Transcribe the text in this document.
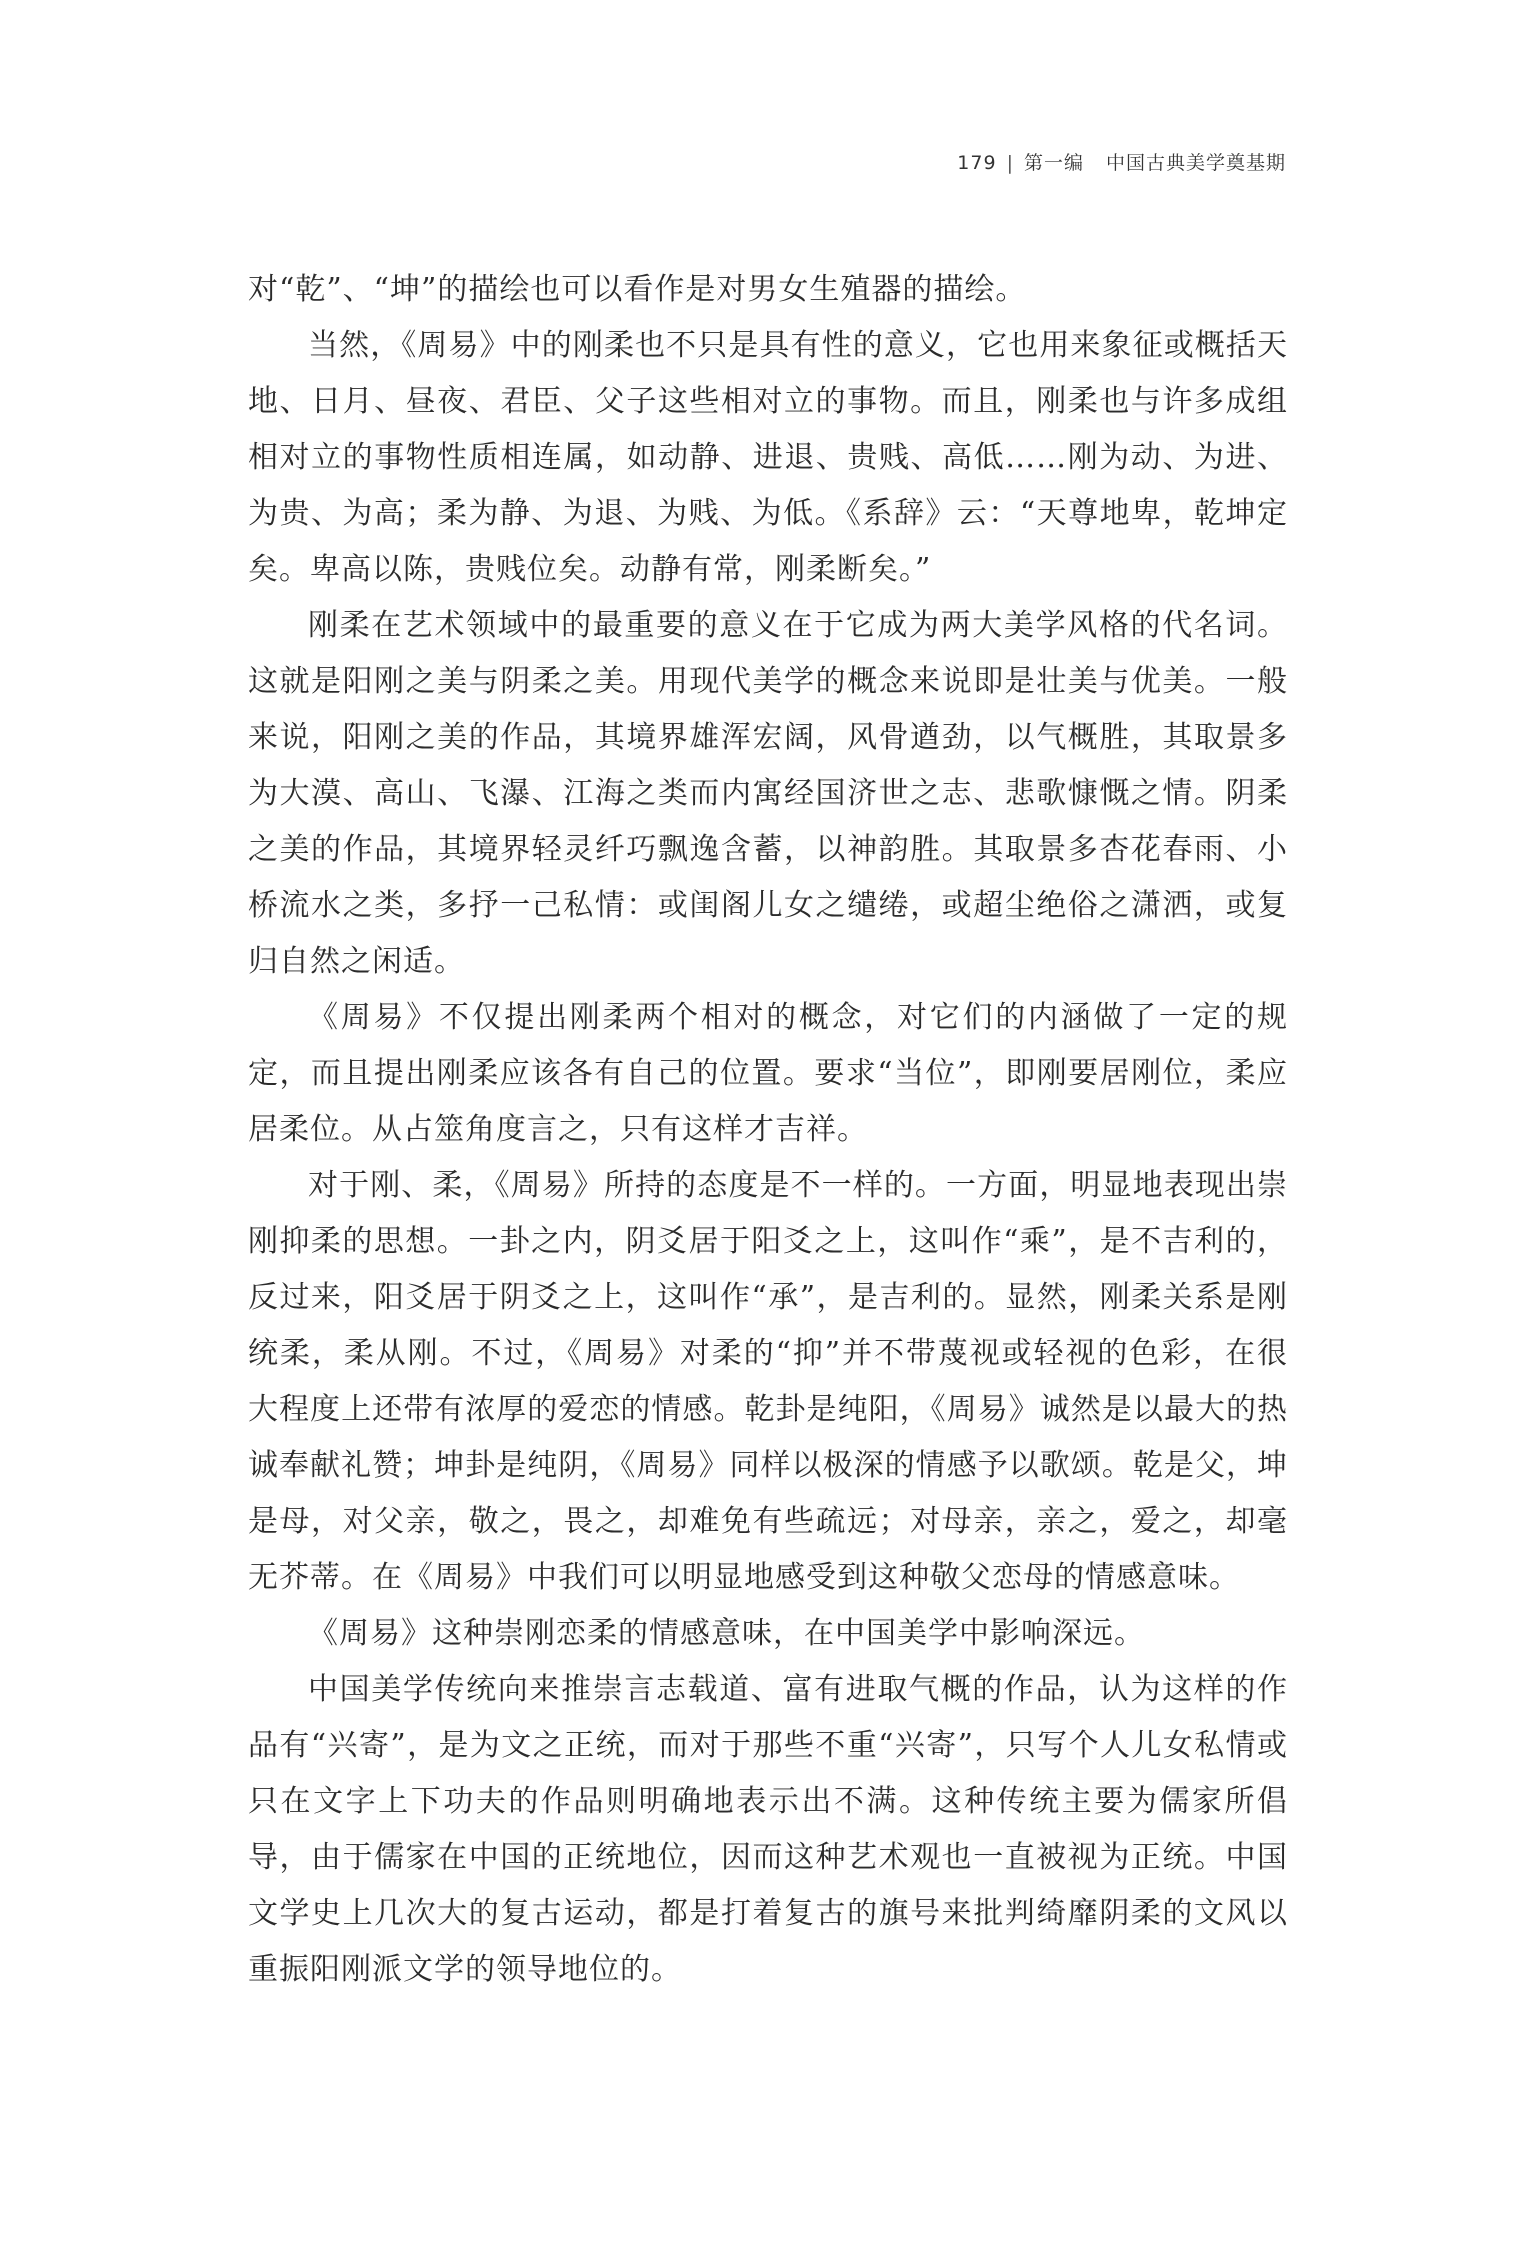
179 | 第一编 中国古典美学奠基期

对“乾”、“坤”的描绘也可以看作是对男女生殖器的描绘。

当然，《周易》中的刚柔也不只是具有性的意义，它也用来象征或概括天地、日月、昼夜、君臣、父子这些相对立的事物。而且，刚柔也与许多成组相对立的事物性质相连属，如动静、进退、贵贱、高低……刚为动、为进、为贵、为高；柔为静、为退、为贱、为低。《系辞》云：“天尊地卑，乾坤定矣。卑高以陈，贵贱位矣。动静有常，刚柔断矣。”

刚柔在艺术领域中的最重要的意义在于它成为两大美学风格的代名词。这就是阳刚之美与阴柔之美。用现代美学的概念来说即是壮美与优美。一般来说，阳刚之美的作品，其境界雄浑宏阔，风骨遒劲，以气概胜，其取景多为大漠、高山、飞瀑、江海之类而内寓经国济世之志、悲歌慷慨之情。阴柔之美的作品，其境界轻灵纤巧飘逸含蓄，以神韵胜。其取景多杏花春雨、小桥流水之类，多抒一己私情：或闺阁儿女之缱绻，或超尘绝俗之潇洒，或复归自然之闲适。

《周易》不仅提出刚柔两个相对的概念，对它们的内涵做了一定的规定，而且提出刚柔应该各有自己的位置。要求“当位”，即刚要居刚位，柔应居柔位。从占筮角度言之，只有这样才吉祥。

对于刚、柔，《周易》所持的态度是不一样的。一方面，明显地表现出崇刚抑柔的思想。一卦之内，阴爻居于阳爻之上，这叫作“乘”，是不吉利的，反过来，阳爻居于阴爻之上，这叫作“承”，是吉利的。显然，刚柔关系是刚统柔，柔从刚。不过，《周易》对柔的“抑”并不带蔑视或轻视的色彩，在很大程度上还带有浓厚的爱恋的情感。乾卦是纯阳，《周易》诚然是以最大的热诚奉献礼赞；坤卦是纯阴，《周易》同样以极深的情感予以歌颂。乾是父，坤是母，对父亲，敬之，畏之，却难免有些疏远；对母亲，亲之，爱之，却毫无芥蒂。在《周易》中我们可以明显地感受到这种敬父恋母的情感意味。

《周易》这种崇刚恋柔的情感意味，在中国美学中影响深远。

中国美学传统向来推崇言志载道、富有进取气概的作品，认为这样的作品有“兴寄”，是为文之正统，而对于那些不重“兴寄”，只写个人儿女私情或只在文字上下功夫的作品则明确地表示出不满。这种传统主要为儒家所倡导，由于儒家在中国的正统地位，因而这种艺术观也一直被视为正统。中国文学史上几次大的复古运动，都是打着复古的旗号来批判绮靡阴柔的文风以重振阳刚派文学的领导地位的。
